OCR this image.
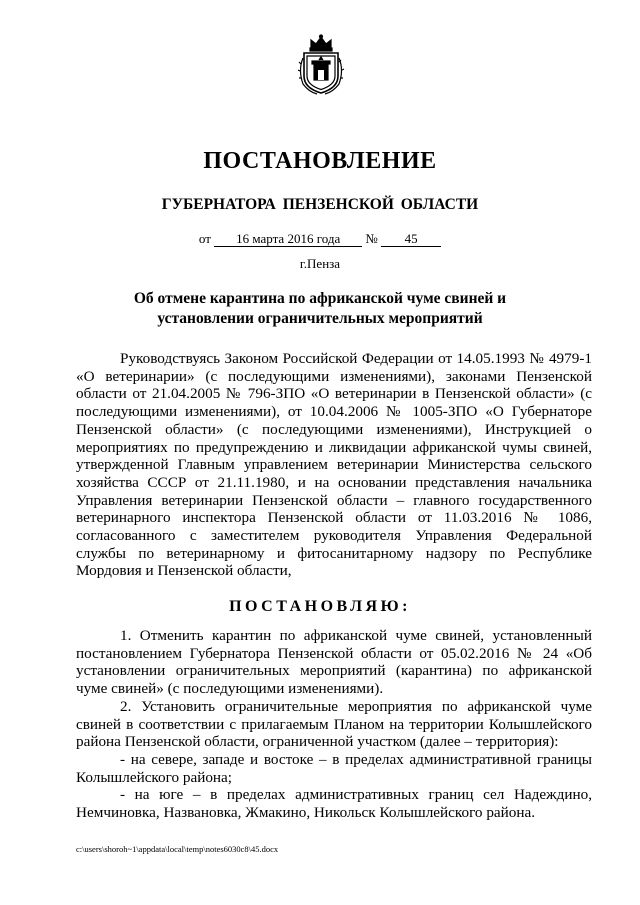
ПОСТАНОВЛЕНИЕ
ГУБЕРНАТОРА ПЕНЗЕНСКОЙ ОБЛАСТИ
от 16 марта 2016 года № 45
г.Пенза
Об отмене карантина по африканской чуме свиней и
установлении ограничительных мероприятий
Руководствуясь Законом Российской Федерации от 14.05.1993 № 4979-1 «О ветеринарии» (с последующими изменениями), законами Пензенской области от 21.04.2005 № 796-ЗПО «О ветеринарии в Пензенской области» (с последующими изменениями), от 10.04.2006 № 1005-ЗПО «О Губернаторе Пензенской области» (с последующими изменениями), Инструкцией о мероприятиях по предупреждению и ликвидации африканской чумы свиней, утвержденной Главным управлением ветеринарии Министерства сельского хозяйства СССР от 21.11.1980, и на основании представления начальника Управления ветеринарии Пензенской области – главного государственного ветеринарного инспектора Пензенской области от 11.03.2016 № 1086, согласованного с заместителем руководителя Управления Федеральной службы по ветеринарному и фитосанитарному надзору по Республике Мордовия и Пензенской области,
ПОСТАНОВЛЯЮ:

1. Отменить карантин по африканской чуме свиней, установленный постановлением Губернатора Пензенской области от 05.02.2016 № 24 «Об установлении ограничительных мероприятий (карантина) по африканской чуме свиней» (с последующими изменениями).

2. Установить ограничительные мероприятия по африканской чуме свиней в соответствии с прилагаемым Планом на территории Колышлейского района Пензенской области, ограниченной участком (далее – территория):

- на севере, западе и востоке – в пределах административной границы Колышлейского района;

- на юге – в пределах административных границ сел Надеждино, Немчиновка, Названовка, Жмакино, Никольск Колышлейского района.

c:\users\shoroh~1\appdata\local\temp\notes6030c8\45.docx
